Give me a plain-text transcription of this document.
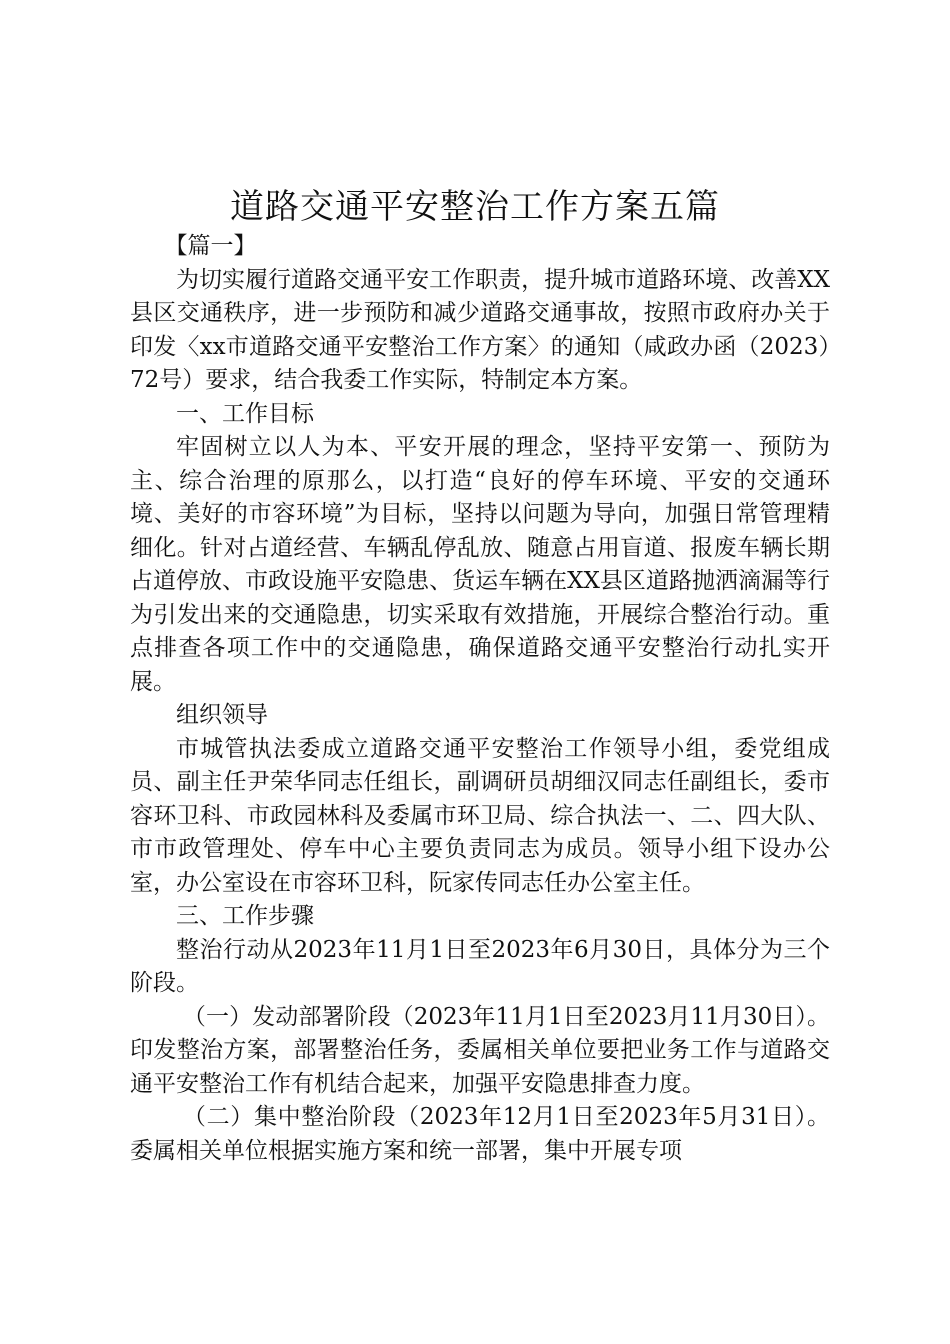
道路交通平安整治工作方案五篇

【篇一】

为切实履行道路交通平安工作职责，提升城市道路环境、改善XX县区交通秩序，进一步预防和减少道路交通事故，按照市政府办关于印发〈xx市道路交通平安整治工作方案〉的通知（咸政办函（2023）72号）要求，结合我委工作实际，特制定本方案。

一、工作目标

牢固树立以人为本、平安开展的理念，坚持平安第一、预防为主、综合治理的原那么，以打造“良好的停车环境、平安的交通环境、美好的市容环境”为目标，坚持以问题为导向，加强日常管理精细化。针对占道经营、车辆乱停乱放、随意占用盲道、报废车辆长期占道停放、市政设施平安隐患、货运车辆在XX县区道路抛洒滴漏等行为引发出来的交通隐患，切实采取有效措施，开展综合整治行动。重点排查各项工作中的交通隐患，确保道路交通平安整治行动扎实开展。

组织领导

市城管执法委成立道路交通平安整治工作领导小组，委党组成员、副主任尹荣华同志任组长，副调研员胡细汉同志任副组长，委市容环卫科、市政园林科及委属市环卫局、综合执法一、二、四大队、市市政管理处、停车中心主要负责同志为成员。领导小组下设办公室，办公室设在市容环卫科，阮家传同志任办公室主任。

三、工作步骤

整治行动从2023年11月1日至2023年6月30日，具体分为三个阶段。

（一）发动部署阶段（2023年11月1日至2023月11月30日）。印发整治方案，部署整治任务，委属相关单位要把业务工作与道路交通平安整治工作有机结合起来，加强平安隐患排查力度。

（二）集中整治阶段（2023年12月1日至2023年5月31日）。委属相关单位根据实施方案和统一部署，集中开展专项
